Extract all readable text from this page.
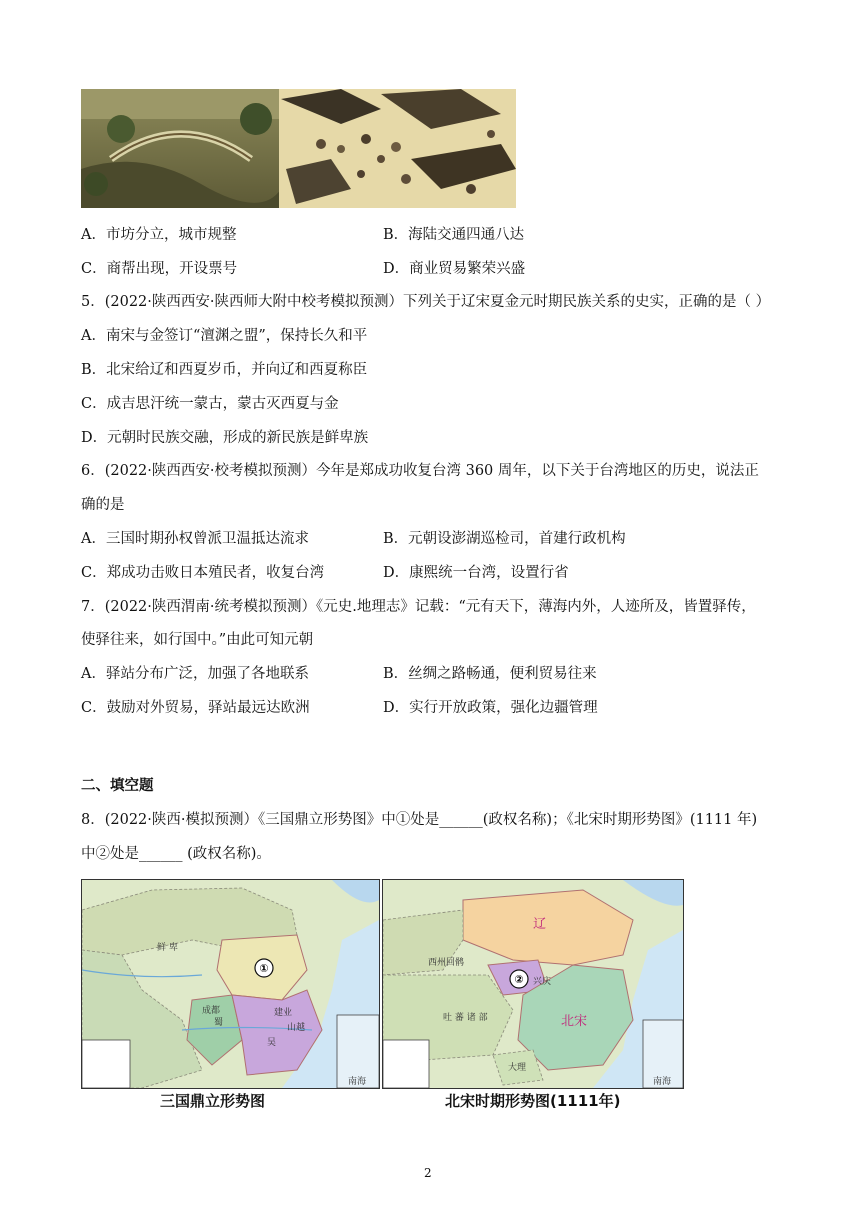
A．市坊分立，城市规整	B．海陆交通四通八达
C．商帮出现，开设票号	D．商业贸易繁荣兴盛
5．(2022·陕西西安·陕西师大附中校考模拟预测）下列关于辽宋夏金元时期民族关系的史实，正确的是（ ）
A．南宋与金签订“澶渊之盟”，保持长久和平
B．北宋给辽和西夏岁币，并向辽和西夏称臣
C．成吉思汗统一蒙古，蒙古灭西夏与金
D．元朝时民族交融，形成的新民族是鲜卑族
6．(2022·陕西西安·校考模拟预测）今年是郑成功收复台湾 360 周年，以下关于台湾地区的历史，说法正
确的是
A．三国时期孙权曾派卫温抵达流求	B．元朝设澎湖巡检司，首建行政机构
C．郑成功击败日本殖民者，收复台湾	D．康熙统一台湾，设置行省
7．(2022·陕西渭南·统考模拟预测）《元史.地理志》记载：“元有天下，薄海内外，人迹所及，皆置驿传，
使驿往来，如行国中。”由此可知元朝
A．驿站分布广泛，加强了各地联系	B．丝绸之路畅通，便利贸易往来
C．鼓励对外贸易，驿站最远达欧洲	D．实行开放政策，强化边疆管理
二、填空题
8．(2022·陕西·模拟预测）《三国鼎立形势图》中①处是______(政权名称)；《北宋时期形势图》(1111 年)
中②处是______ (政权名称)。
①
鲜 卑
蜀
吴
成都	建业
山越
南海
②
辽
北宋
西州回鹘
吐 蕃 诸 部
大理
兴庆
南海
三国鼎立形势图	北宋时期形势图(1111年)
2
